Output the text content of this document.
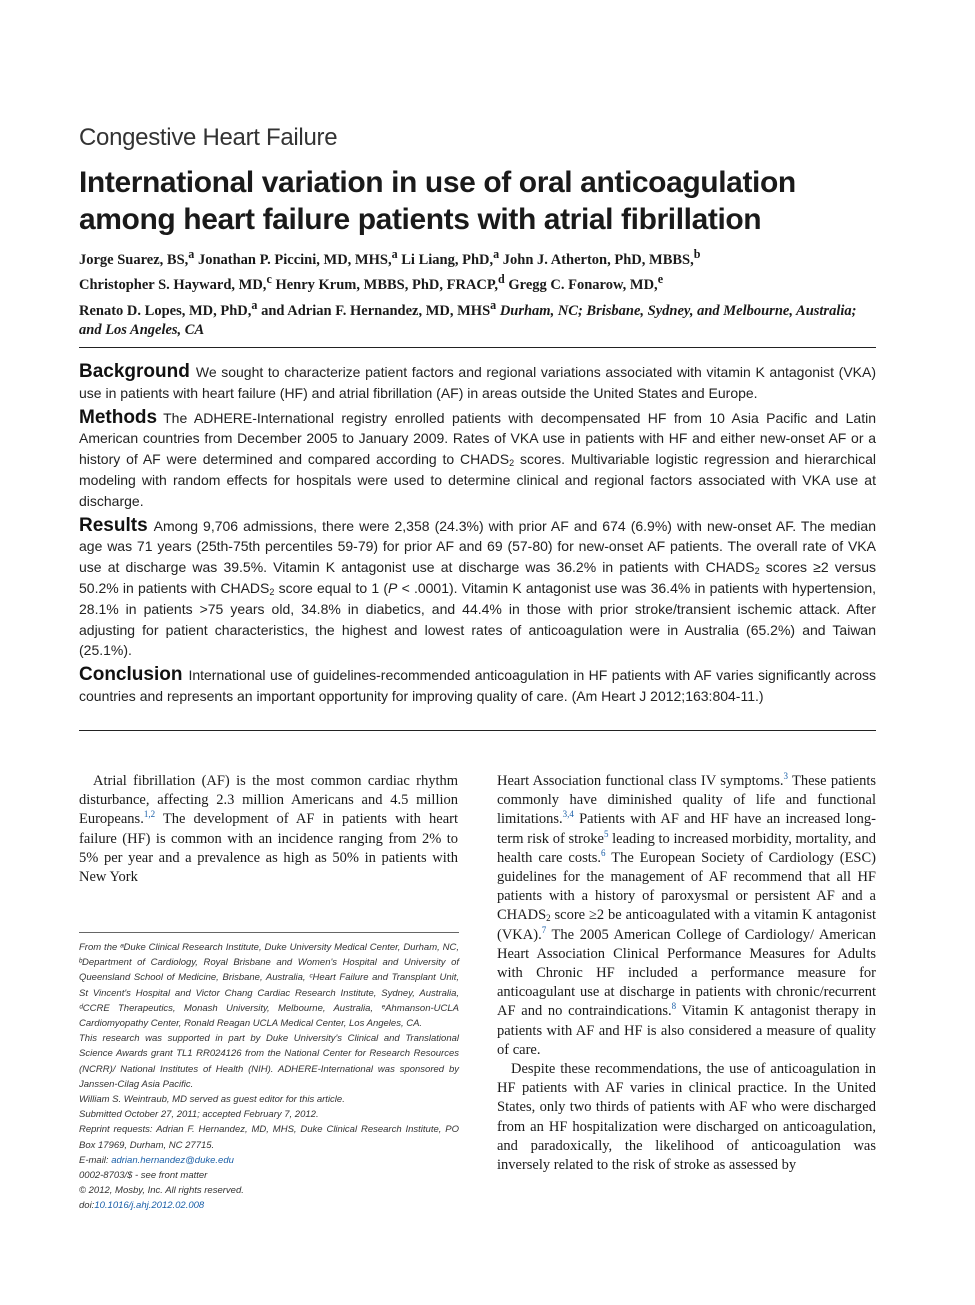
Congestive Heart Failure
International variation in use of oral anticoagulation among heart failure patients with atrial fibrillation
Jorge Suarez, BS,$^a$ Jonathan P. Piccini, MD, MHS,$^a$ Li Liang, PhD,$^a$ John J. Atherton, PhD, MBBS,$^b$
Christopher S. Hayward, MD,$^c$ Henry Krum, MBBS, PhD, FRACP,$^d$ Gregg C. Fonarow, MD,$^e$
Renato D. Lopes, MD, PhD,$^a$ and Adrian F. Hernandez, MD, MHS$^a$ Durham, NC; Brisbane, Sydney, and Melbourne, Australia; and Los Angeles, CA

Background We sought to characterize patient factors and regional variations associated with vitamin K antagonist (VKA) use in patients with heart failure (HF) and atrial fibrillation (AF) in areas outside the United States and Europe.

Methods The ADHERE-International registry enrolled patients with decompensated HF from 10 Asia Pacific and Latin American countries from December 2005 to January 2009. Rates of VKA use in patients with HF and either new-onset AF or a history of AF were determined and compared according to $CHADS_2$ scores. Multivariable logistic regression and hierarchical modeling with random effects for hospitals were used to determine clinical and regional factors associated with VKA use at discharge.

Results Among 9,706 admissions, there were 2,358 (24.3%) with prior AF and 674 (6.9%) with new-onset AF. The median age was 71 years (25th-75th percentiles 59-79) for prior AF and 69 (57-80) for new-onset AF patients. The overall rate of VKA use at discharge was 39.5%. Vitamin K antagonist use at discharge was 36.2% in patients with $CHADS_2$ scores ≥2 versus 50.2% in patients with $CHADS_2$ score equal to 1 (P < .0001). Vitamin K antagonist use was 36.4% in patients with hypertension, 28.1% in patients >75 years old, 34.8% in diabetics, and 44.4% in those with prior stroke/transient ischemic attack. After adjusting for patient characteristics, the highest and lowest rates of anticoagulation were in Australia (65.2%) and Taiwan (25.1%).

Conclusion International use of guidelines-recommended anticoagulation in HF patients with AF varies significantly across countries and represents an important opportunity for improving quality of care. (Am Heart J 2012;163:804-11.)

Atrial fibrillation (AF) is the most common cardiac rhythm disturbance, affecting 2.3 million Americans and 4.5 million Europeans.$^{1,2}$ The development of AF in patients with heart failure (HF) is common with an incidence ranging from 2% to 5% per year and a prevalence as high as 50% in patients with New York

From the ᵃDuke Clinical Research Institute, Duke University Medical Center, Durham, NC, ᵇDepartment of Cardiology, Royal Brisbane and Women's Hospital and University of Queensland School of Medicine, Brisbane, Australia, ᶜHeart Failure and Transplant Unit, St Vincent's Hospital and Victor Chang Cardiac Research Institute, Sydney, Australia, ᵈCCRE Therapeutics, Monash University, Melbourne, Australia, ᵉAhmanson-UCLA Cardiomyopathy Center, Ronald Reagan UCLA Medical Center, Los Angeles, CA.

This research was supported in part by Duke University's Clinical and Translational Science Awards grant TL1 RR024126 from the National Center for Research Resources (NCRR)/ National Institutes of Health (NIH). ADHERE-International was sponsored by Janssen-Cilag Asia Pacific.

William S. Weintraub, MD served as guest editor for this article.

Submitted October 27, 2011; accepted February 7, 2012.

Reprint requests: Adrian F. Hernandez, MD, MHS, Duke Clinical Research Institute, PO Box 17969, Durham, NC 27715.

E-mail: adrian.hernandez@duke.edu

0002-8703/$ - see front matter

© 2012, Mosby, Inc. All rights reserved.

doi:10.1016/j.ahj.2012.02.008

Heart Association functional class IV symptoms.$^3$ These patients commonly have diminished quality of life and functional limitations.$^{3,4}$ Patients with AF and HF have an increased long-term risk of stroke$^5$ leading to increased morbidity, mortality, and health care costs.$^6$ The European Society of Cardiology (ESC) guidelines for the management of AF recommend that all HF patients with a history of paroxysmal or persistent AF and a $CHADS_2$ score ≥2 be anticoagulated with a vitamin K antagonist (VKA).$^7$ The 2005 American College of Cardiology/ American Heart Association Clinical Performance Measures for Adults with Chronic HF included a performance measure for anticoagulant use at discharge in patients with chronic/recurrent AF and no contraindications.$^8$ Vitamin K antagonist therapy in patients with AF and HF is also considered a measure of quality of care.

Despite these recommendations, the use of anticoagulation in HF patients with AF varies in clinical practice. In the United States, only two thirds of patients with AF who were discharged from an HF hospitalization were discharged on anticoagulation, and paradoxically, the likelihood of anticoagulation was inversely related to the risk of stroke as assessed by
